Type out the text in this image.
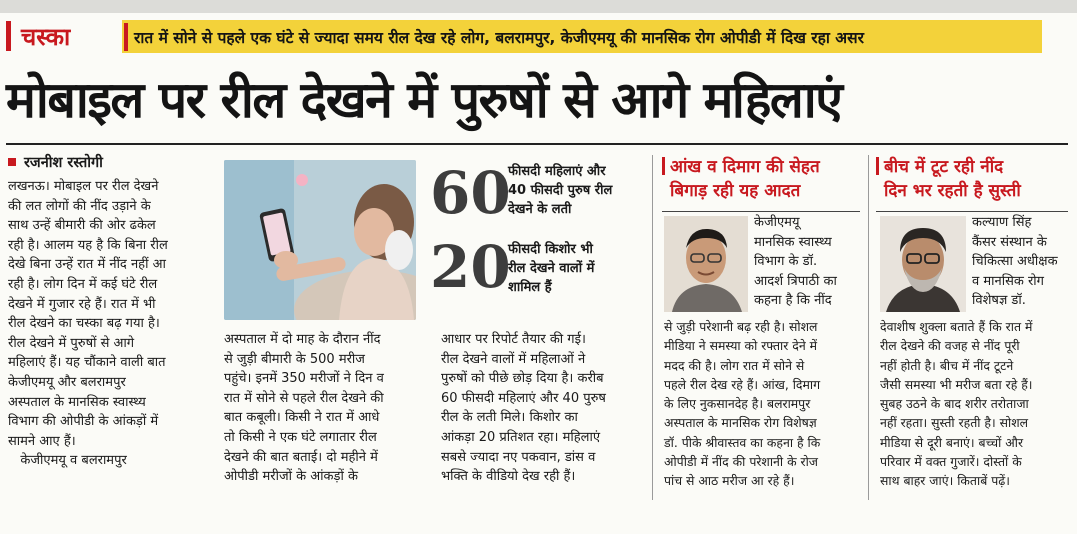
चस्का	रात में सोने से पहले एक घंटे से ज्यादा समय रील देख रहे लोग, बलरामपुर, केजीएमयू की मानसिक रोग ओपीडी में दिख रहा असर
मोबाइल पर रील देखने में पुरुषों से आगे महिलाएं
रजनीश रस्तोगी
लखनऊ। मोबाइल पर रील देखने
की लत लोगों की नींद उड़ाने के
साथ उन्हें बीमारी की ओर ढकेल
रही है। आलम यह है कि बिना रील
देखे बिना उन्हें रात में नींद नहीं आ
रही है। लोग दिन में कई घंटे रील
देखने में गुजार रहे हैं। रात में भी
रील देखने का चस्का बढ़ गया है।
रील देखने में पुरुषों से आगे
महिलाएं हैं। यह चौंकाने वाली बात
केजीएमयू और बलरामपुर
अस्पताल के मानसिक स्वास्थ्य
विभाग की ओपीडी के आंकड़ों में
सामने आए हैं।
केजीएमयू व बलरामपुर
60
फीसदी महिलाएं और
40 फीसदी पुरुष रील
देखने के लती
20
फीसदी किशोर भी
रील देखने वालों में
शामिल हैं
अस्पताल में दो माह के दौरान नींद
से जुड़ी बीमारी के 500 मरीज
पहुंचे। इनमें 350 मरीजों ने दिन व
रात में सोने से पहले रील देखने की
बात कबूली। किसी ने रात में आधे
तो किसी ने एक घंटे लगातार रील
देखने की बात बताई। दो महीने में
ओपीडी मरीजों के आंकड़ों के
आधार पर रिपोर्ट तैयार की गई।
रील देखने वालों में महिलाओं ने
पुरुषों को पीछे छोड़ दिया है। करीब
60 फीसदी महिलाएं और 40 पुरुष
रील के लती मिले। किशोर का
आंकड़ा 20 प्रतिशत रहा। महिलाएं
सबसे ज्यादा नए पकवान, डांस व
भक्ति के वीडियो देख रही हैं।
आंख व दिमाग की सेहत
बिगाड़ रही यह आदत
केजीएमयू
मानसिक स्वास्थ्य
विभाग के डॉ.
आदर्श त्रिपाठी का
कहना है कि नींद
से जुड़ी परेशानी बढ़ रही है। सोशल
मीडिया ने समस्या को रफ्तार देने में
मदद की है। लोग रात में सोने से
पहले रील देख रहे हैं। आंख, दिमाग
के लिए नुकसानदेह है। बलरामपुर
अस्पताल के मानसिक रोग विशेषज्ञ
डॉ. पीके श्रीवास्तव का कहना है कि
ओपीडी में नींद की परेशानी के रोज
पांच से आठ मरीज आ रहे हैं।
बीच में टूट रही नींद
दिन भर रहती है सुस्ती
कल्याण सिंह
कैंसर संस्थान के
चिकित्सा अधीक्षक
व मानसिक रोग
विशेषज्ञ डॉ.
देवाशीष शुक्ला बताते हैं कि रात में
रील देखने की वजह से नींद पूरी
नहीं होती है। बीच में नींद टूटने
जैसी समस्या भी मरीज बता रहे हैं।
सुबह उठने के बाद शरीर तरोताजा
नहीं रहता। सुस्ती रहती है। सोशल
मीडिया से दूरी बनाएं। बच्चों और
परिवार में वक्त गुजारें। दोस्तों के
साथ बाहर जाएं। किताबें पढ़ें।
